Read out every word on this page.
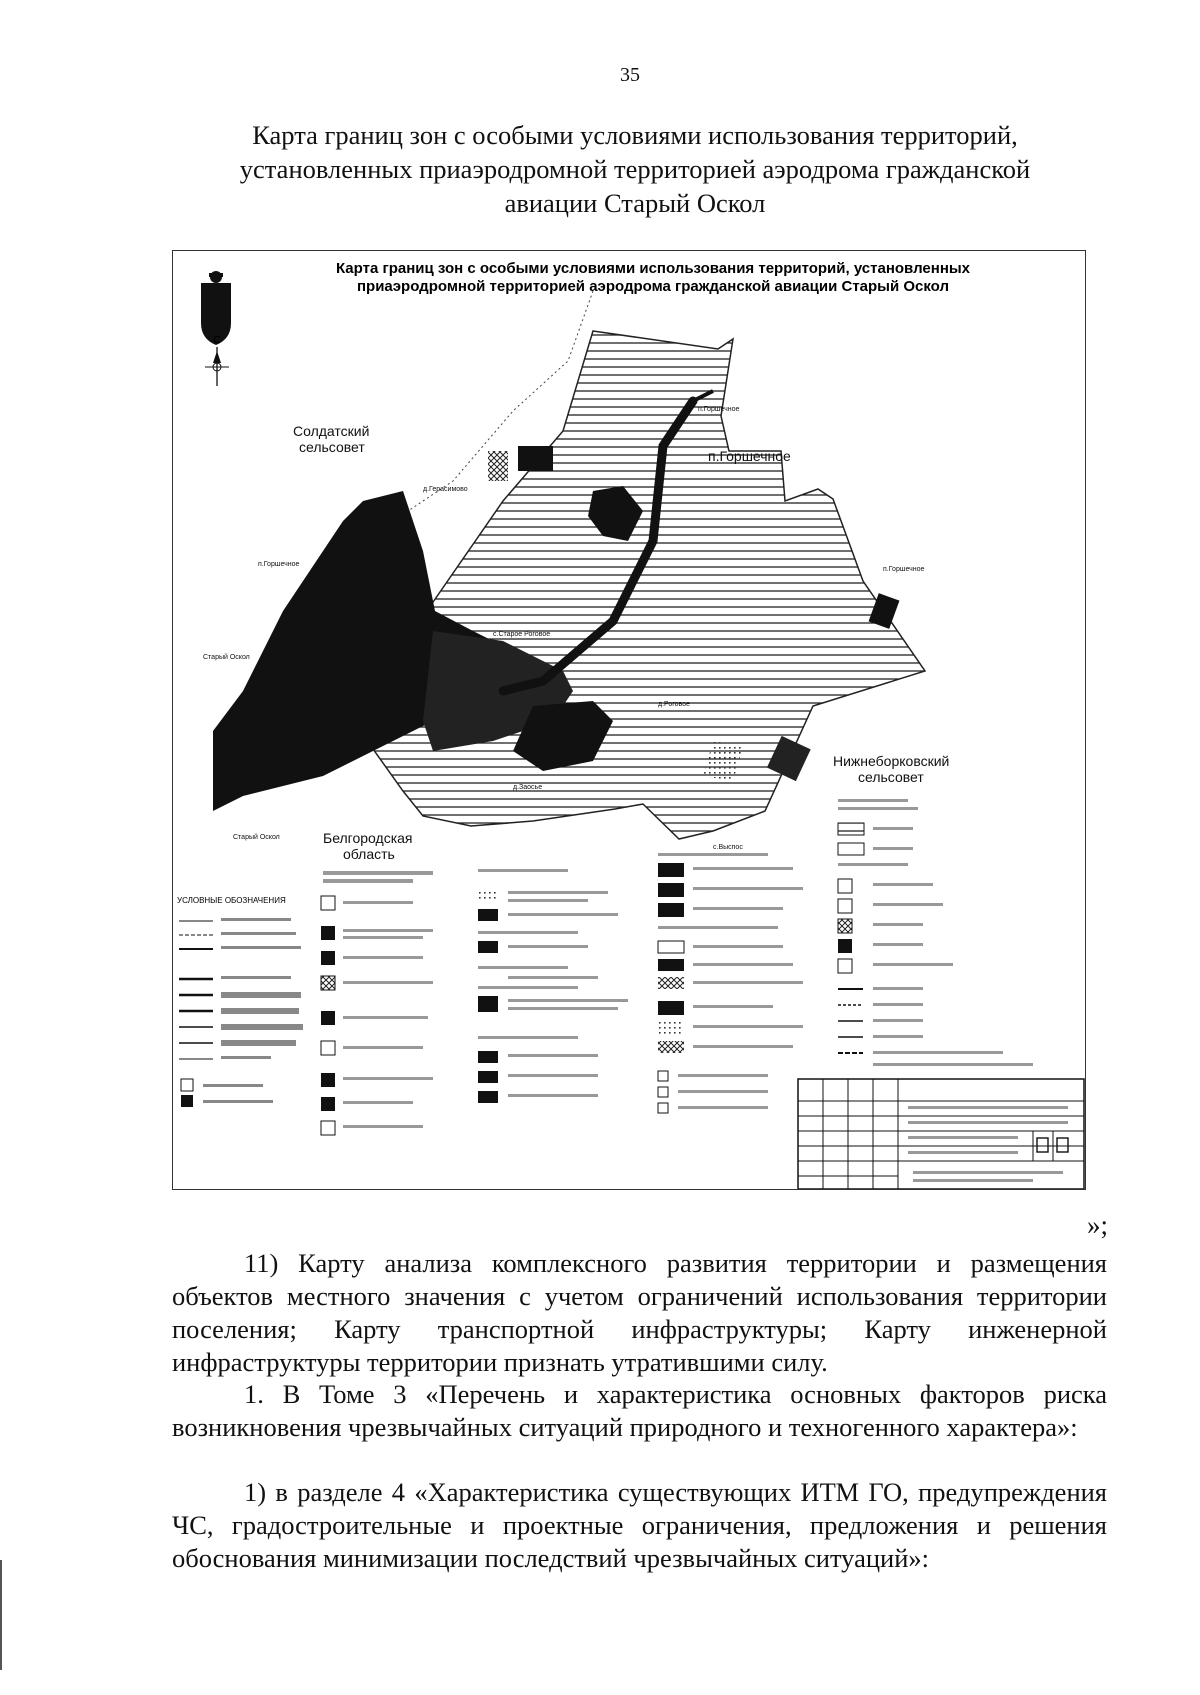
35
Карта границ зон с особыми условиями использования территорий,
установленных приаэродромной территорией аэродрома гражданской
авиации Старый Оскол
Карта границ зон с особыми условиями использования территорий, установленных
приаэродромной территорией аэродрома гражданской авиации Старый Оскол
С
Солдатский
сельсовет
п.Горшечное
п.Горшечное
д.Герасимово
п.Горшечное
п.Горшечное
Старый Оскол
с.Старое Роговое
д.Роговое
д.Заосье
с.Выспос
Нижнеборковский
сельсовет
Старый Оскол	Белгородская
область
УСЛОВНЫЕ ОБОЗНАЧЕНИЯ
»;
11) Карту анализа комплексного развития территории и размещения объектов местного значения с учетом ограничений использования территории поселения; Карту транспортной инфраструктуры; Карту инженерной инфраструктуры территории признать утратившими силу.
1. В Томе 3 «Перечень и характеристика основных факторов риска возникновения чрезвычайных ситуаций природного и техногенного характера»:
1) в разделе 4 «Характеристика существующих ИТМ ГО, предупреждения ЧС, градостроительные и проектные ограничения, предложения и решения обоснования минимизации последствий чрезвычайных ситуаций»:
